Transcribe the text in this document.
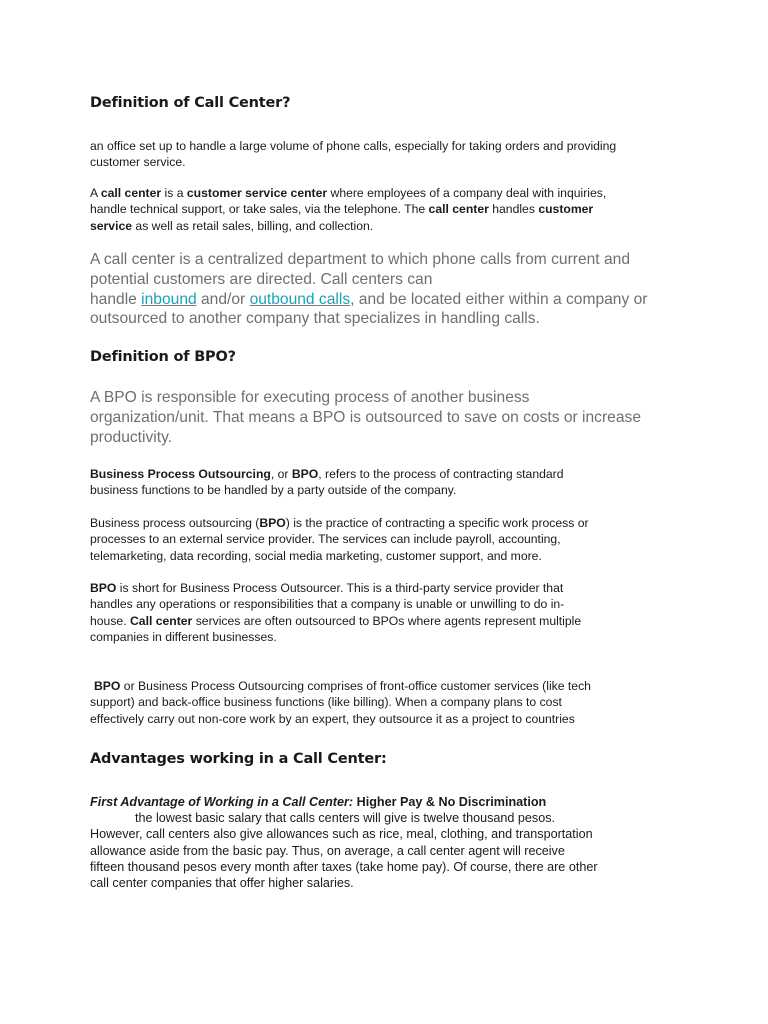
Definition of Call Center?
an office set up to handle a large volume of phone calls, especially for taking orders and providing
customer service.
A call center is a customer service center where employees of a company deal with inquiries,
handle technical support, or take sales, via the telephone. The call center handles customer
service as well as retail sales, billing, and collection.
A call center is a centralized department to which phone calls from current and
potential customers are directed. Call centers can
handle inbound and/or outbound calls, and be located either within a company or
outsourced to another company that specializes in handling calls.
Definition of BPO?
A BPO is responsible for executing process of another business
organization/unit. That means a BPO is outsourced to save on costs or increase
productivity.
Business Process Outsourcing, or BPO, refers to the process of contracting standard
business functions to be handled by a party outside of the company.
Business process outsourcing (BPO) is the practice of contracting a specific work process or
processes to an external service provider. The services can include payroll, accounting,
telemarketing, data recording, social media marketing, customer support, and more.
BPO is short for Business Process Outsourcer. This is a third-party service provider that
handles any operations or responsibilities that a company is unable or unwilling to do in-
house. Call center services are often outsourced to BPOs where agents represent multiple
companies in different businesses.
BPO or Business Process Outsourcing comprises of front-office customer services (like tech
support) and back-office business functions (like billing). When a company plans to cost
effectively carry out non-core work by an expert, they outsource it as a project to countries
Advantages working in a Call Center:
First Advantage of Working in a Call Center: Higher Pay & No Discrimination
the lowest basic salary that calls centers will give is twelve thousand pesos.
However, call centers also give allowances such as rice, meal, clothing, and transportation
allowance aside from the basic pay. Thus, on average, a call center agent will receive
fifteen thousand pesos every month after taxes (take home pay). Of course, there are other
call center companies that offer higher salaries.
